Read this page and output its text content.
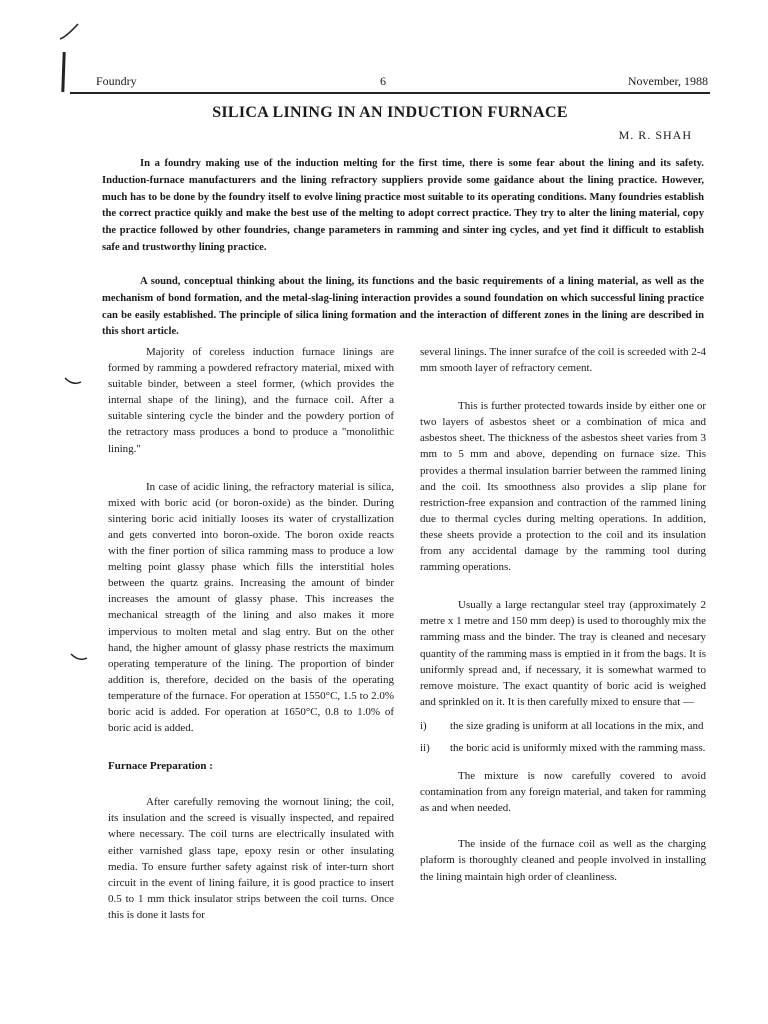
Foundry	6	November, 1988
SILICA LINING IN AN INDUCTION FURNACE
M. R. SHAH

In a foundry making use of the induction melting for the first time, there is some fear about the lining and its safety. Induction-furnace manufacturers and the lining refractory suppliers provide some gaidance about the lining practice. However, much has to be done by the foundry itself to evolve lining practice most suitable to its operating conditions. Many foundries establish the correct practice quikly and make the best use of the melting to adopt correct practice. They try to alter the lining material, copy the practice followed by other foundries, change parameters in ramming and sinter ing cycles, and yet find it difficult to establish safe and trustworthy lining practice.

A sound, conceptual thinking about the lining, its functions and the basic requirements of a lining material, as well as the mechanism of bond formation, and the metal-slag-lining interaction provides a sound foundation on which successful lining practice can be easily established. The principle of silica lining formation and the interaction of different zones in the lining are described in this short article.

Majority of coreless induction furnace linings are formed by ramming a powdered refractory material, mixed with suitable binder, between a steel former, (which provides the internal shape of the lining), and the furnace coil. After a suitable sintering cycle the binder and the powdery portion of the retractory mass produces a bond to produce a "monolithic lining."

In case of acidic lining, the refractory material is silica, mixed with boric acid (or boron-oxide) as the binder. During sintering boric acid initially looses its water of crystallization and gets converted into boron-oxide. The boron oxide reacts with the finer portion of silica ramming mass to produce a low melting point glassy phase which fills the interstitial holes between the quartz grains. Increasing the amount of binder increases the amount of glassy phase. This increases the mechanical streagth of the lining and also makes it more impervious to molten metal and slag entry. But on the other hand, the higher amount of glassy phase restricts the maximum operating temperature of the lining. The proportion of binder addition is, therefore, decided on the basis of the operating temperature of the furnace. For operation at 1550°C, 1.5 to 2.0% boric acid is added. For operation at 1650°C, 0.8 to 1.0% of boric acid is added.

Furnace Preparation :

After carefully removing the wornout lining; the coil, its insulation and the screed is visually inspected, and repaired where necessary. The coil turns are electrically insulated with either varnished glass tape, epoxy resin or other insulating media. To ensure further safety against risk of inter-turn short circuit in the event of lining failure, it is good practice to insert 0.5 to 1 mm thick insulator strips between the coil turns. Once this is done it lasts for

several linings. The inner surafce of the coil is screeded with 2-4 mm smooth layer of refractory cement.

This is further protected towards inside by either one or two layers of asbestos sheet or a combination of mica and asbestos sheet. The thickness of the asbestos sheet varies from 3 mm to 5 mm and above, depending on furnace size. This provides a thermal insulation barrier between the rammed lining and the coil. Its smoothness also provides a slip plane for restriction-free expansion and contraction of the rammed lining due to thermal cycles during melting operations. In addition, these sheets provide a protection to the coil and its insulation from any accidental damage by the ramming tool during ramming operations.

Usually a large rectangular steel tray (approximately 2 metre x 1 metre and 150 mm deep) is used to thoroughly mix the ramming mass and the binder. The tray is cleaned and necesary quantity of the ramming mass is emptied in it from the bags. It is uniformly spread and, if necessary, it is somewhat warmed to remove moisture. The exact quantity of boric acid is weighed and sprinkled on it. It is then carefully mixed to ensure that —

i) the size grading is uniform at all locations in the mix, and
ii) the boric acid is uniformly mixed with the ramming mass.

The mixture is now carefully covered to avoid contamination from any foreign material, and taken for ramming as and when needed.

The inside of the furnace coil as well as the charging plaform is thoroughly cleaned and people involved in installing the lining maintain high order of cleanliness.
